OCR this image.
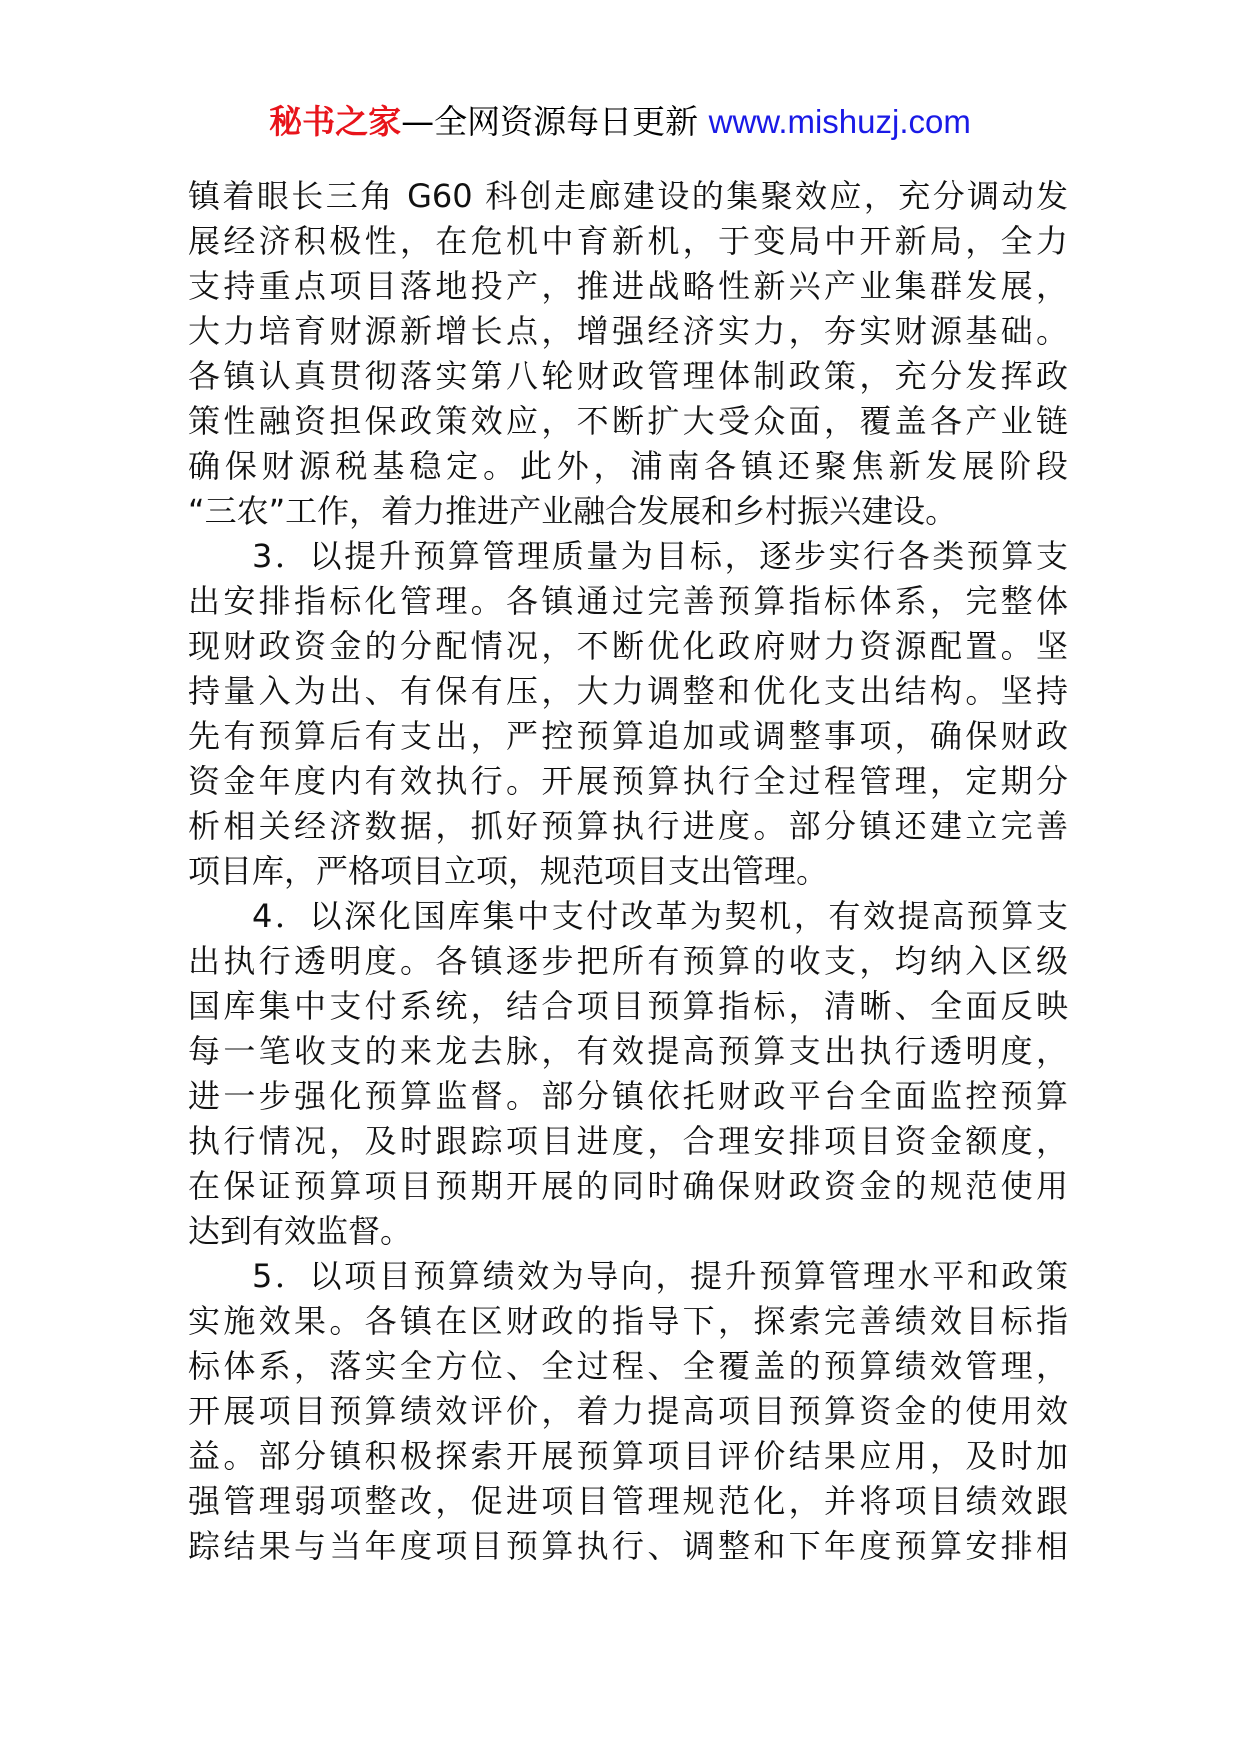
秘书之家—全网资源每日更新 www.mishuzj.com
镇着眼长三角 G60 科创走廊建设的集聚效应，充分调动发
展经济积极性，在危机中育新机，于变局中开新局，全力
支持重点项目落地投产，推进战略性新兴产业集群发展，
大力培育财源新增长点，增强经济实力，夯实财源基础。
各镇认真贯彻落实第八轮财政管理体制政策，充分发挥政
策性融资担保政策效应，不断扩大受众面，覆盖各产业链
确保财源税基稳定。此外，浦南各镇还聚焦新发展阶段
“三农”工作，着力推进产业融合发展和乡村振兴建设。
3．以提升预算管理质量为目标，逐步实行各类预算支
出安排指标化管理。各镇通过完善预算指标体系，完整体
现财政资金的分配情况，不断优化政府财力资源配置。坚
持量入为出、有保有压，大力调整和优化支出结构。坚持
先有预算后有支出，严控预算追加或调整事项，确保财政
资金年度内有效执行。开展预算执行全过程管理，定期分
析相关经济数据，抓好预算执行进度。部分镇还建立完善
项目库，严格项目立项，规范项目支出管理。
4．以深化国库集中支付改革为契机，有效提高预算支
出执行透明度。各镇逐步把所有预算的收支，均纳入区级
国库集中支付系统，结合项目预算指标，清晰、全面反映
每一笔收支的来龙去脉，有效提高预算支出执行透明度，
进一步强化预算监督。部分镇依托财政平台全面监控预算
执行情况，及时跟踪项目进度，合理安排项目资金额度，
在保证预算项目预期开展的同时确保财政资金的规范使用
达到有效监督。
5．以项目预算绩效为导向，提升预算管理水平和政策
实施效果。各镇在区财政的指导下，探索完善绩效目标指
标体系，落实全方位、全过程、全覆盖的预算绩效管理，
开展项目预算绩效评价，着力提高项目预算资金的使用效
益。部分镇积极探索开展预算项目评价结果应用，及时加
强管理弱项整改，促进项目管理规范化，并将项目绩效跟
踪结果与当年度项目预算执行、调整和下年度预算安排相
